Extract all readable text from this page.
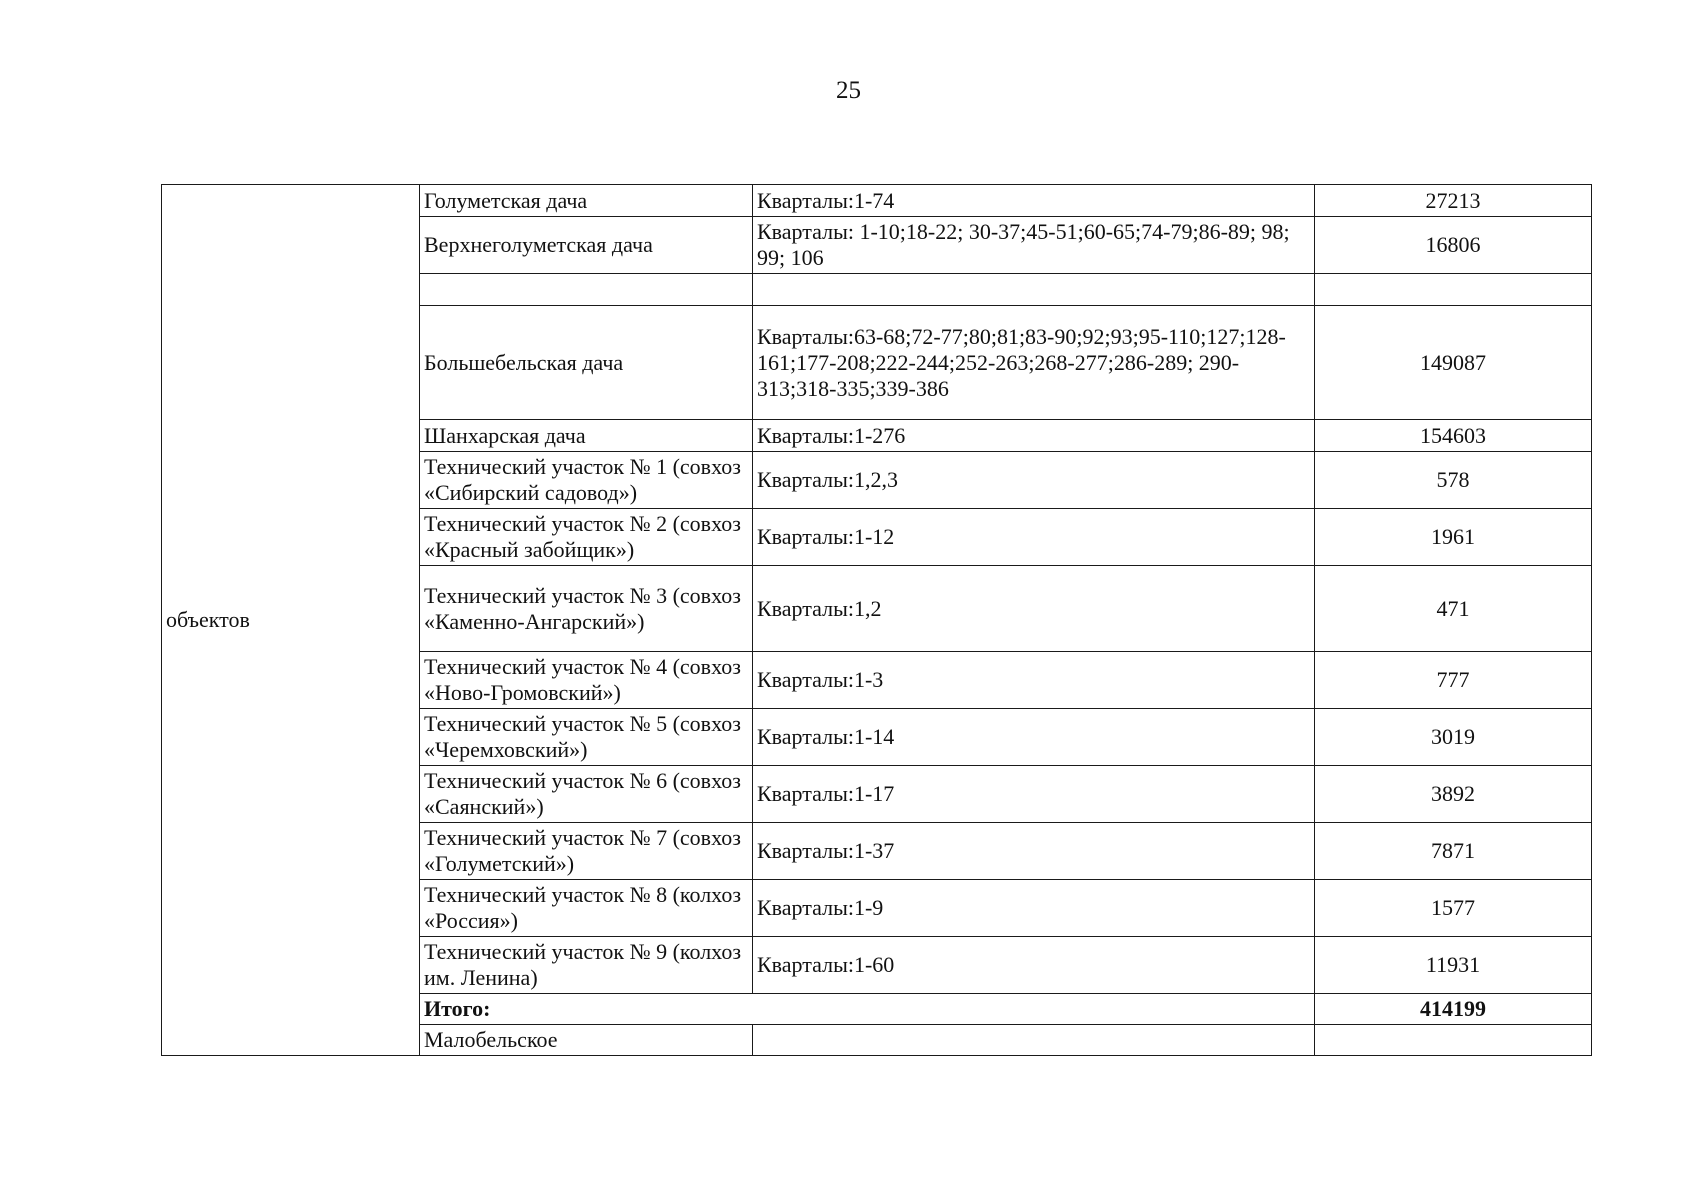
25
объектов	Голуметская дача	Кварталы:1-74	27213
	Верхнеголуметская дача	Кварталы: 1-10;18-22; 30-37;45-51;60-65;74-79;86-89; 98; 99; 106	16806

	Большебельская дача	Кварталы:63-68;72-77;80;81;83-90;92;93;95-110;127;128-161;177-208;222-244;252-263;268-277;286-289; 290-313;318-335;339-386	149087
	Шанхарская дача	Кварталы:1-276	154603
	Технический участок № 1 (совхоз «Сибирский садовод»)	Кварталы:1,2,3	578
	Технический участок № 2 (совхоз «Красный забойщик»)	Кварталы:1-12	1961
	Технический участок № 3 (совхоз «Каменно-Ангарский»)	Кварталы:1,2	471
	Технический участок № 4 (совхоз «Ново-Громовский»)	Кварталы:1-3	777
	Технический участок № 5 (совхоз «Черемховский»)	Кварталы:1-14	3019
	Технический участок № 6 (совхоз «Саянский»)	Кварталы:1-17	3892
	Технический участок № 7 (совхоз «Голуметский»)	Кварталы:1-37	7871
	Технический участок № 8 (колхоз «Россия»)	Кварталы:1-9	1577
	Технический участок № 9 (колхоз им. Ленина)	Кварталы:1-60	11931
	Итого:		414199
	Малобельское		
